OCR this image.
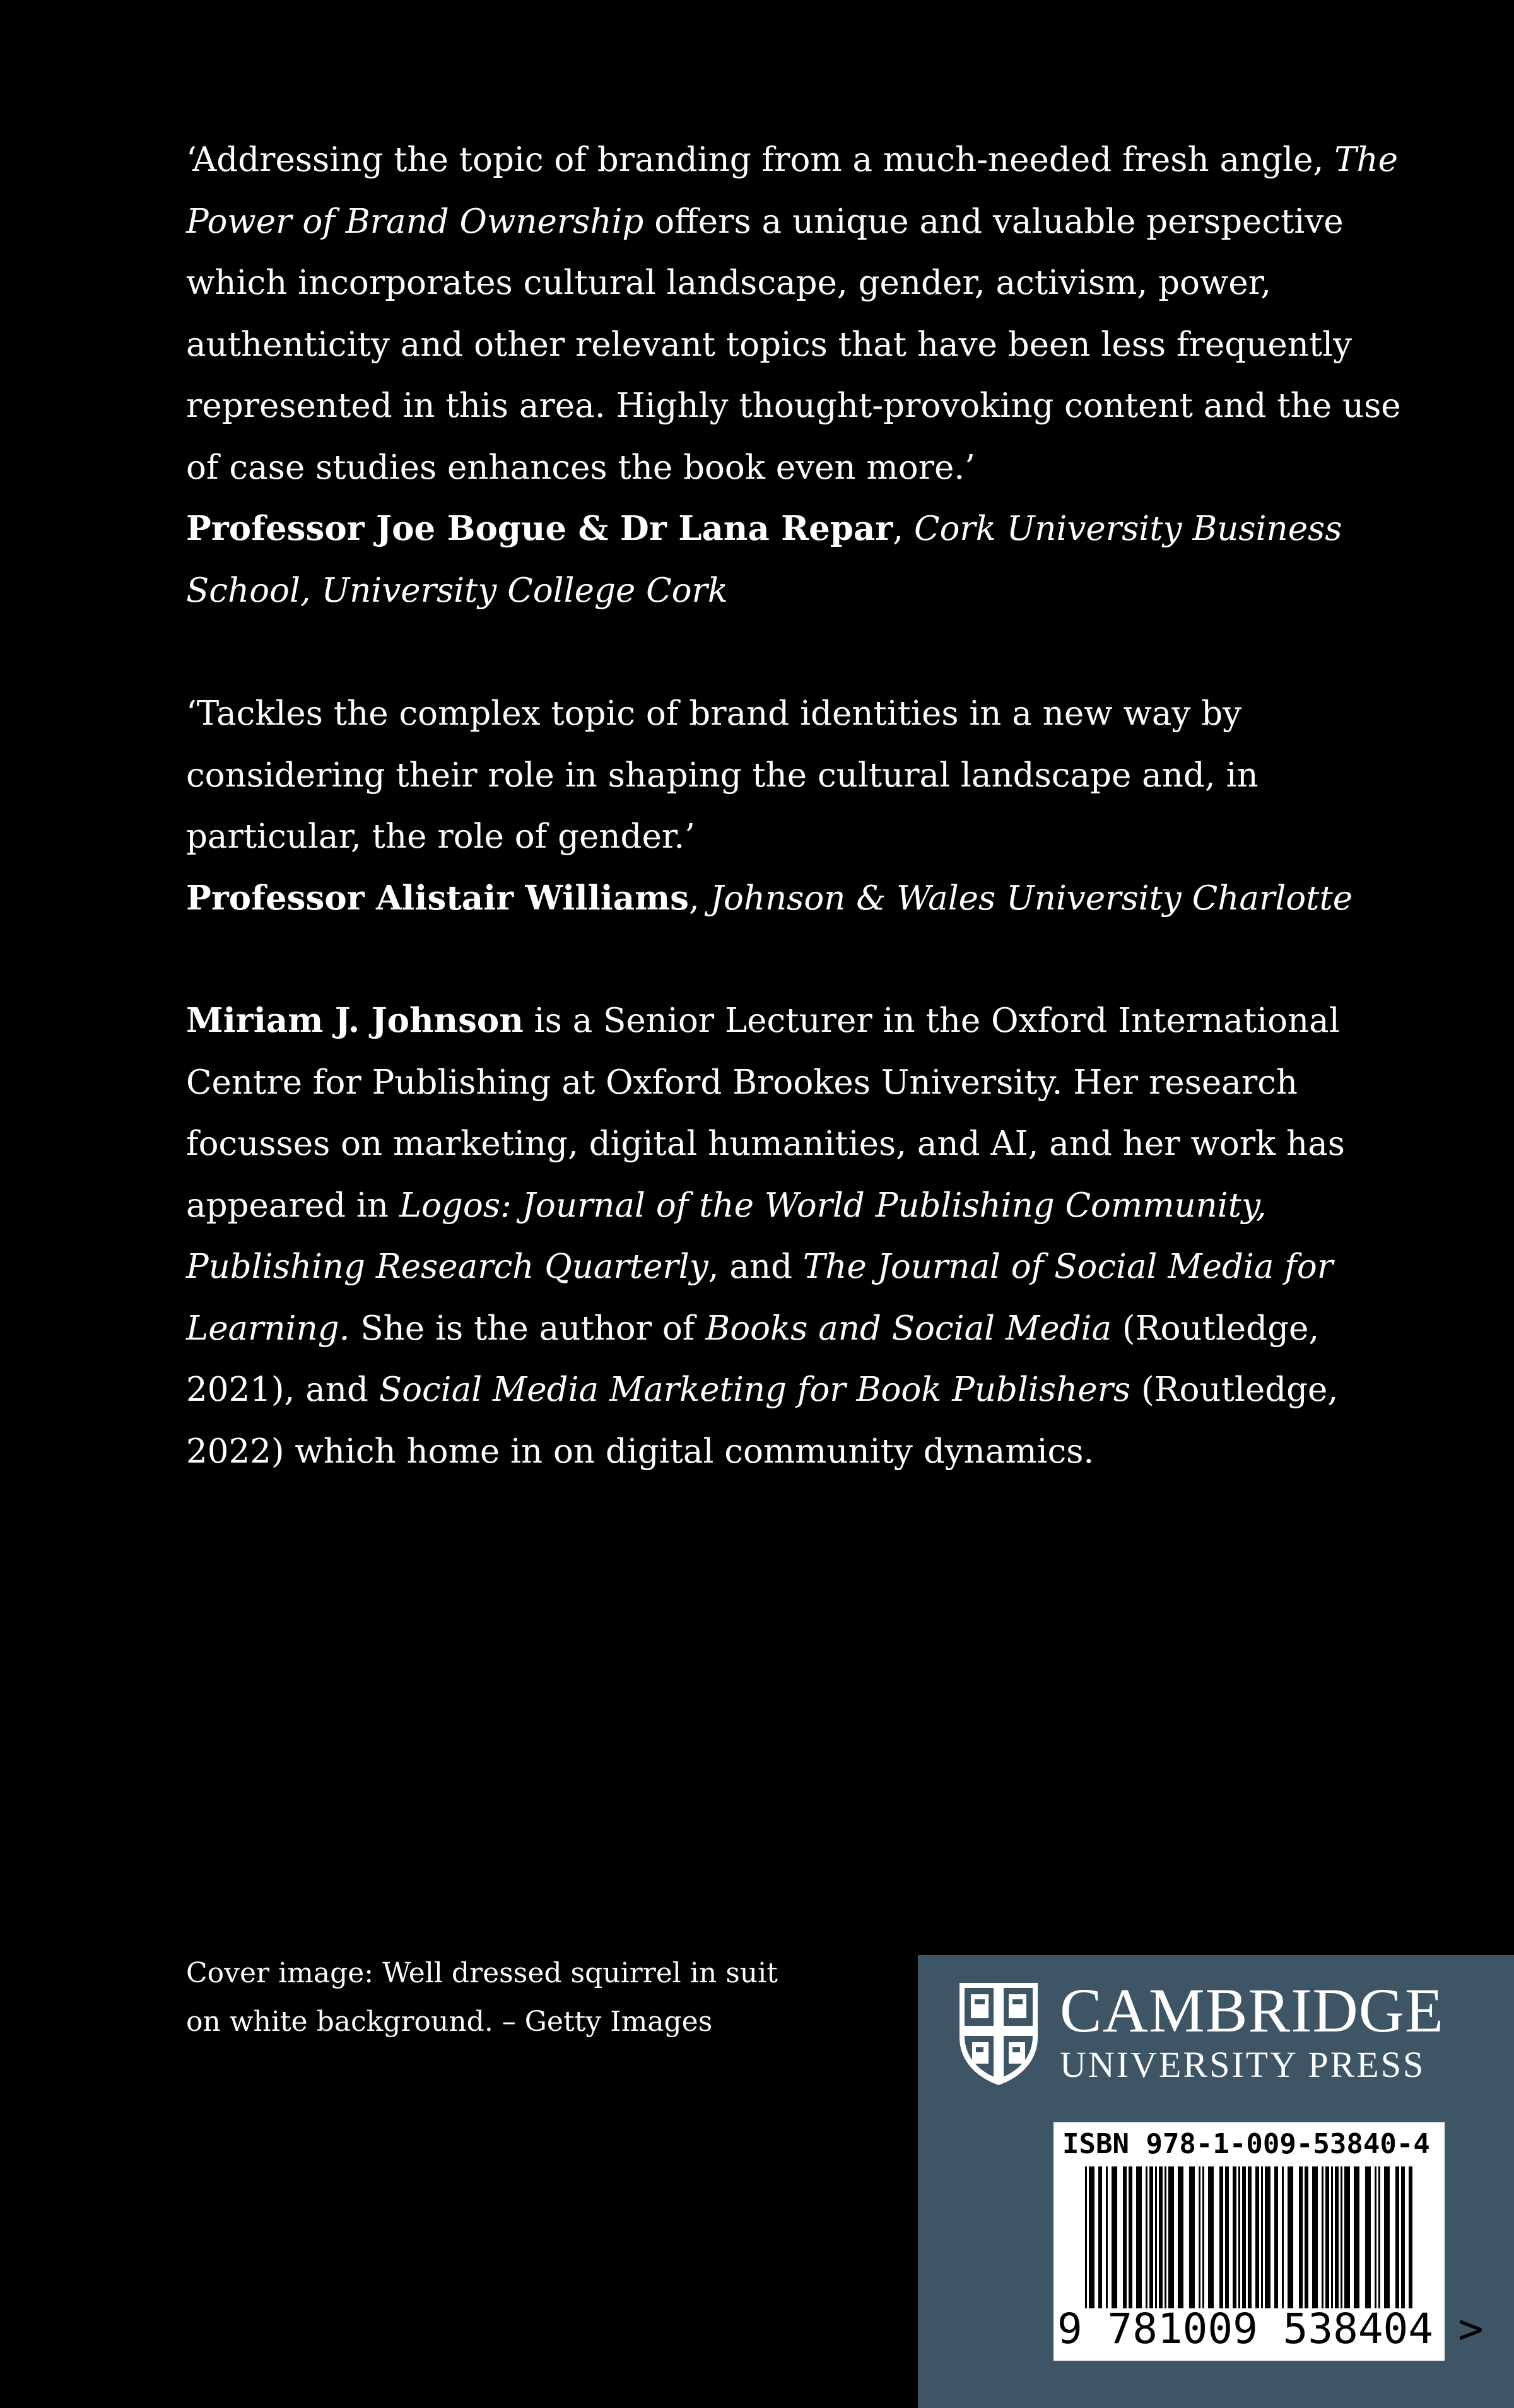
‘Addressing the topic of branding from a much-needed fresh angle, The Power of Brand Ownership offers a unique and valuable perspective which incorporates cultural landscape, gender, activism, power, authenticity and other relevant topics that have been less frequently represented in this area. Highly thought-provoking content and the use of case studies enhances the book even more.’

Professor Joe Bogue & Dr Lana Repar, Cork University Business School, University College Cork

‘Tackles the complex topic of brand identities in a new way by considering their role in shaping the cultural landscape and, in particular, the role of gender.’

Professor Alistair Williams, Johnson & Wales University Charlotte

Miriam J. Johnson is a Senior Lecturer in the Oxford International Centre for Publishing at Oxford Brookes University. Her research focusses on marketing, digital humanities, and AI, and her work has appeared in Logos: Journal of the World Publishing Community, Publishing Research Quarterly, and The Journal of Social Media for Learning. She is the author of Books and Social Media (Routledge, 2021), and Social Media Marketing for Book Publishers (Routledge, 2022) which home in on digital community dynamics.

Cover image: Well dressed squirrel in suit
on white background. – Getty Images	CAMBRIDGE
UNIVERSITY PRESS
ISBN 978-1-009-53840-4
9 781009 538404 >
